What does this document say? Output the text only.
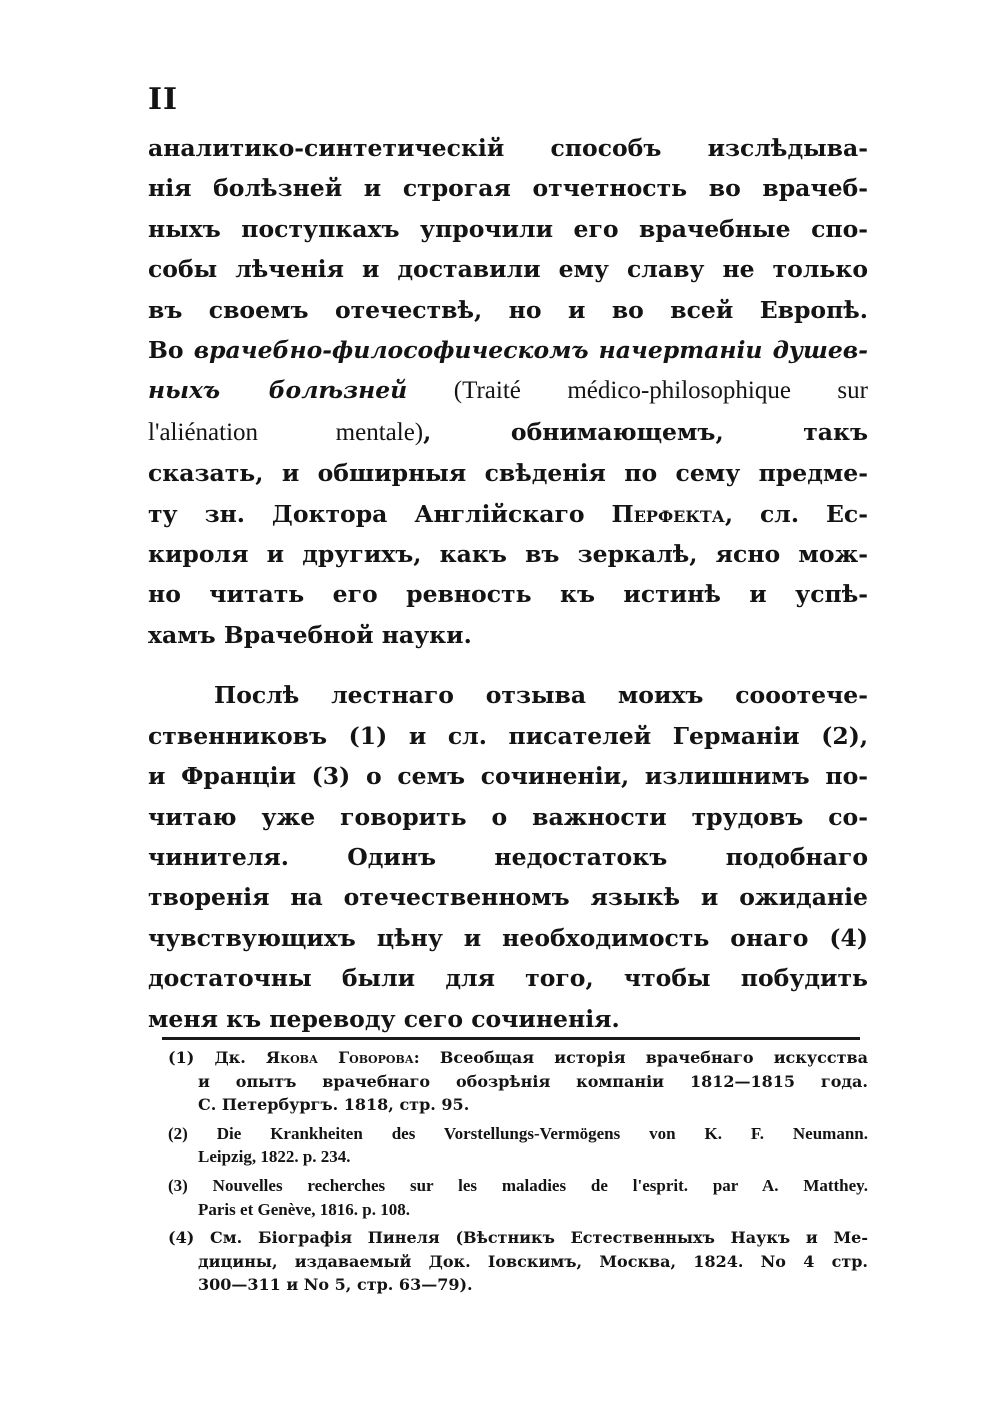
II
аналитико-синтетическій способъ изслѣдыва-
нія болѣзней и строгая отчетность во врачеб-
ныхъ поступкахъ упрочили его врачебные спо-
собы лѣченія и доставили ему славу не только
въ своемъ отечествѣ, но и во всей Европѣ.
Во врачебно-философическомъ начертаніи душев-
ныхъ болѣзней (Traité médico-philosophique sur
l'aliénation mentale), обнимающемъ, такъ
сказать, и обширныя свѣденія по сему предме-
ту зн. Доктора Англійскаго Перфекта, сл. Ес-
кироля и другихъ, какъ въ зеркалѣ, ясно мож-
но читать его ревность къ истинѣ и успѣ-
хамъ Врачебной науки.
Послѣ лестнаго отзыва моихъ сооотече-
ственниковъ (1) и сл. писателей Германіи (2),
и Франціи (3) о семъ сочиненіи, излишнимъ по-
читаю уже говорить о важности трудовъ со-
чинителя. Одинъ недостатокъ подобнаго
творенія на отечественномъ языкѣ и ожиданіе
чувствующихъ цѣну и необходимость онаго (4)
достаточны были для того, чтобы побудить
меня къ переводу сего сочиненія.
(1) Дк. Якова Говорова: Всеобщая исторія врачебнаго искусства
и опытъ врачебнаго обозрѣнія компаніи 1812—1815 года.
С. Петербургъ. 1818, стр. 95.
(2) Die Krankheiten des Vorstellungs-Vermögens von K. F. Neumann.
Leipzig, 1822. p. 234.
(3) Nouvelles recherches sur les maladies de l'esprit. par A. Matthey.
Paris et Genève, 1816. p. 108.
(4) См. Біографія Пинеля (Вѣстникъ Естественныхъ Наукъ и Ме-
дицины, издаваемый Док. Іовскимъ, Москва, 1824. No 4 стр.
300—311 и No 5, стр. 63—79).
